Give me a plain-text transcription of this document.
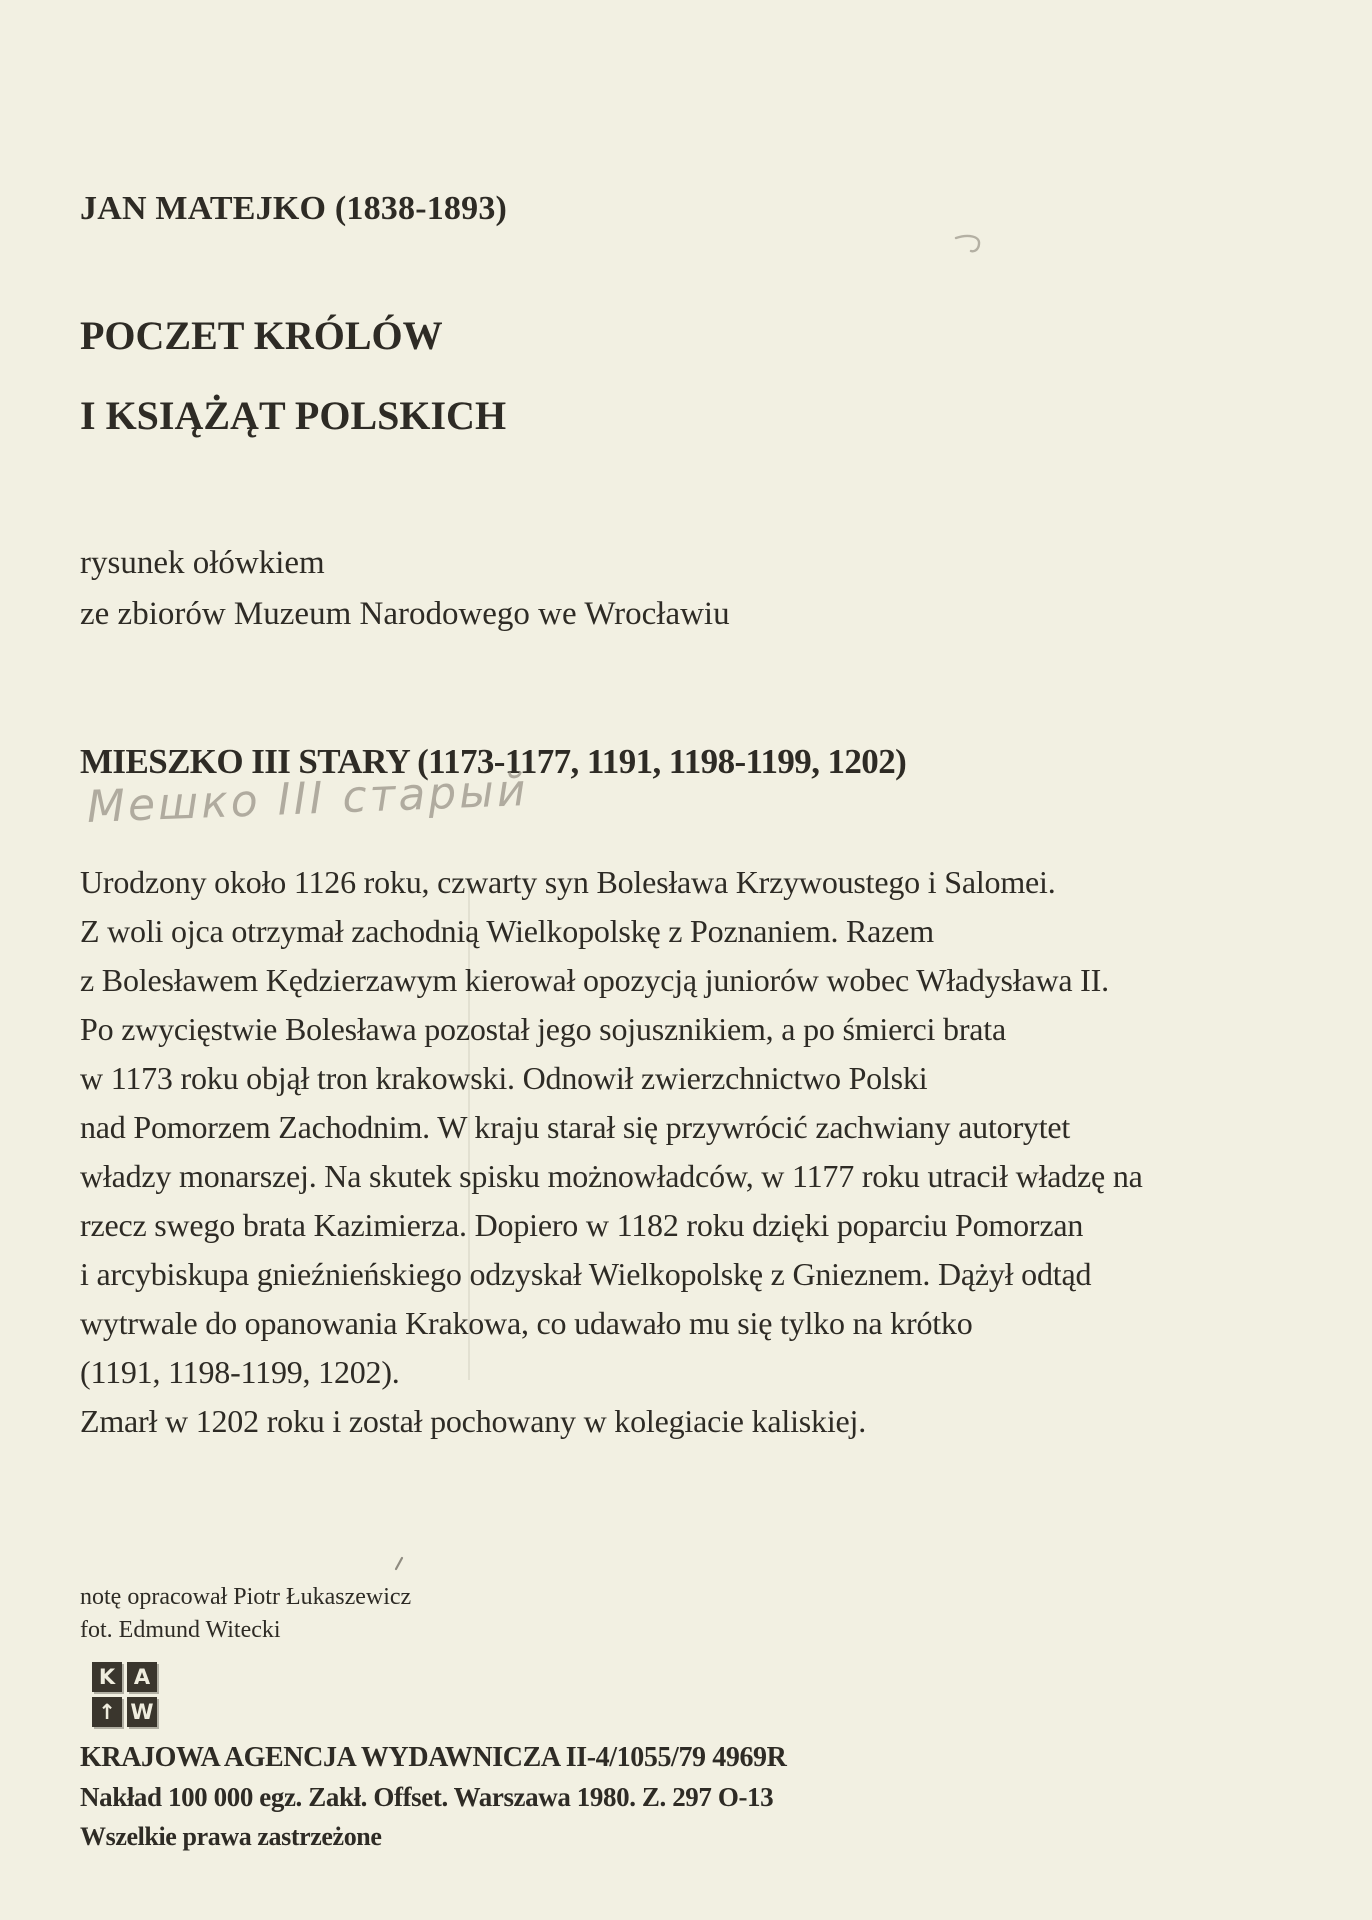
JAN MATEJKO (1838-1893)
POCZET KRÓLÓW
I KSIĄŻĄT POLSKICH
rysunek ołówkiem
ze zbiorów Muzeum Narodowego we Wrocławiu
MIESZKO III STARY (1173-1177, 1191, 1198-1199, 1202)
Мешко III старый
Urodzony około 1126 roku, czwarty syn Bolesława Krzywoustego i Salomei.
Z woli ojca otrzymał zachodnią Wielkopolskę z Poznaniem. Razem
z Bolesławem Kędzierzawym kierował opozycją juniorów wobec Władysława II.
Po zwycięstwie Bolesława pozostał jego sojusznikiem, a po śmierci brata
w 1173 roku objął tron krakowski. Odnowił zwierzchnictwo Polski
nad Pomorzem Zachodnim. W kraju starał się przywrócić zachwiany autorytet
władzy monarszej. Na skutek spisku możnowładców, w 1177 roku utracił władzę na
rzecz swego brata Kazimierza. Dopiero w 1182 roku dzięki poparciu Pomorzan
i arcybiskupa gnieźnieńskiego odzyskał Wielkopolskę z Gnieznem. Dążył odtąd
wytrwale do opanowania Krakowa, co udawało mu się tylko na krótko
(1191, 1198-1199, 1202).
Zmarł w 1202 roku i został pochowany w kolegiacie kaliskiej.
notę opracował Piotr Łukaszewicz
fot. Edmund Witecki
K A
↑ W
KRAJOWA AGENCJA WYDAWNICZA II-4/1055/79 4969R
Nakład 100 000 egz. Zakł. Offset. Warszawa 1980. Z. 297 O-13
Wszelkie prawa zastrzeżone
